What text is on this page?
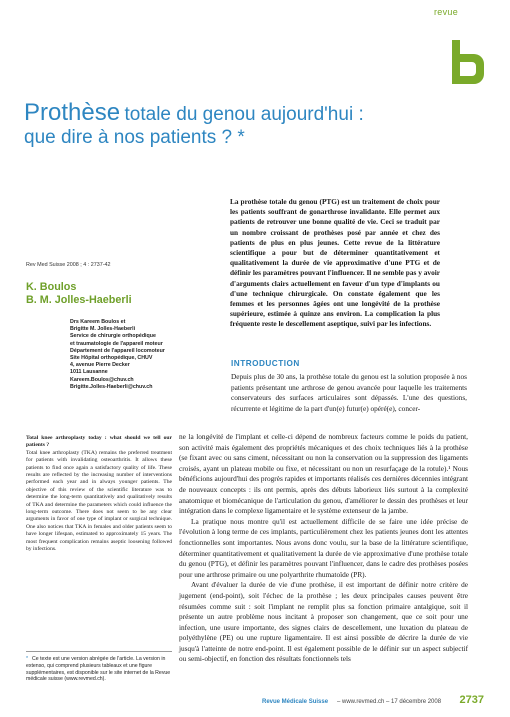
revue
Prothèse totale du genou aujourd'hui :
que dire à nos patients ? *
La prothèse totale du genou (PTG) est un traitement de choix pour les patients souffrant de gonarthrose invalidante. Elle permet aux patients de retrouver une bonne qualité de vie. Ceci se traduit par un nombre croissant de prothèses posé par année et chez des patients de plus en plus jeunes. Cette revue de la littérature scientifique a pour but de déterminer quantitativement et qualitativement la durée de vie approximative d'une PTG et de définir les paramètres pouvant l'influencer. Il ne semble pas y avoir d'arguments clairs actuellement en faveur d'un type d'implants ou d'une technique chirurgicale. On constate également que les femmes et les personnes âgées ont une longévité de la prothèse supérieure, estimée à quinze ans environ. La complication la plus fréquente reste le descellement aseptique, suivi par les infections.
Rev Med Suisse 2008 ; 4 : 2737-42
K. Boulos
B. M. Jolles-Haeberli
Drs Kareem Boulos et
Brigitte M. Jolles-Haeberli
Service de chirurgie orthopédique
et traumatologie de l'appareil moteur
Département de l'appareil locomoteur
Site Hôpital orthopédique, CHUV
4, avenue Pierre Decker
1011 Lausanne
Kareem.Boulos@chuv.ch
Brigitte.Jolles-Haeberli@chuv.ch
Total knee arthroplasty today : what should we tell our patients ?
Total knee arthroplasty (TKA) remains the preferred treatment for patients with invalidating osteoarthritis. It allows these patients to find once again a satisfactory quality of life. These results are reflected by the increasing number of interventions performed each year and in always younger patients. The objective of this review of the scientific literature was to determine the long-term quantitatively and qualitatively results of TKA and determine the parameters which could influence the long-term outcome. There does not seem to be any clear arguments in favor of one type of implant or surgical technique. One also notices that TKA in females and older patients seem to have longer lifespan, estimated to approximately 15 years. The most frequent complication remains aseptic loosening followed by infections.
* Ce texte est une version abrégée de l'article. La version in extenso, qui comprend plusieurs tableaux et une figure supplémentaires, est disponible sur le site internet de la Revue médicale suisse (www.revmed.ch).
INTRODUCTION
Depuis plus de 30 ans, la prothèse totale du genou est la solution proposée à nos patients présentant une arthrose de genou avancée pour laquelle les traitements conservateurs des surfaces articulaires sont dépassés. L'une des questions, récurrente et légitime de la part d'un(e) futur(e) opéré(e), concer-

ne la longévité de l'implant et celle-ci dépend de nombreux facteurs comme le poids du patient, son activité mais également des propriétés mécaniques et des choix techniques liés à la prothèse (se fixant avec ou sans ciment, nécessitant ou non la conservation ou la suppression des ligaments croisés, ayant un plateau mobile ou fixe, et nécessitant ou non un resurfaçage de la rotule).¹ Nous bénéficions aujourd'hui des progrès rapides et importants réalisés ces dernières décennies intégrant de nouveaux concepts : ils ont permis, après des débuts laborieux liés surtout à la complexité anatomique et biomécanique de l'articulation du genou, d'améliorer le dessin des prothèses et leur intégration dans le complexe ligamentaire et le système extenseur de la jambe.

La pratique nous montre qu'il est actuellement difficile de se faire une idée précise de l'évolution à long terme de ces implants, particulièrement chez les patients jeunes dont les attentes fonctionnelles sont importantes. Nous avons donc voulu, sur la base de la littérature scientifique, déterminer quantitativement et qualitativement la durée de vie approximative d'une prothèse totale du genou (PTG), et définir les paramètres pouvant l'influencer, dans le cadre des prothèses posées pour une arthrose primaire ou une polyarthrite rhumatoïde (PR).

Avant d'évaluer la durée de vie d'une prothèse, il est important de définir notre critère de jugement (end-point), soit l'échec de la prothèse ; les deux principales causes peuvent être résumées comme suit : soit l'implant ne remplit plus sa fonction primaire antalgique, soit il présente un autre problème nous incitant à proposer son changement, que ce soit pour une infection, une usure importante, des signes clairs de descellement, une luxation du plateau de polyéthylène (PE) ou une rupture ligamentaire. Il est ainsi possible de décrire la durée de vie jusqu'à l'atteinte de notre end-point. Il est également possible de le définir sur un aspect subjectif ou semi-objectif, en fonction des résultats fonctionnels tels

Revue Médicale Suisse – www.revmed.ch – 17 décembre 2008 2737
